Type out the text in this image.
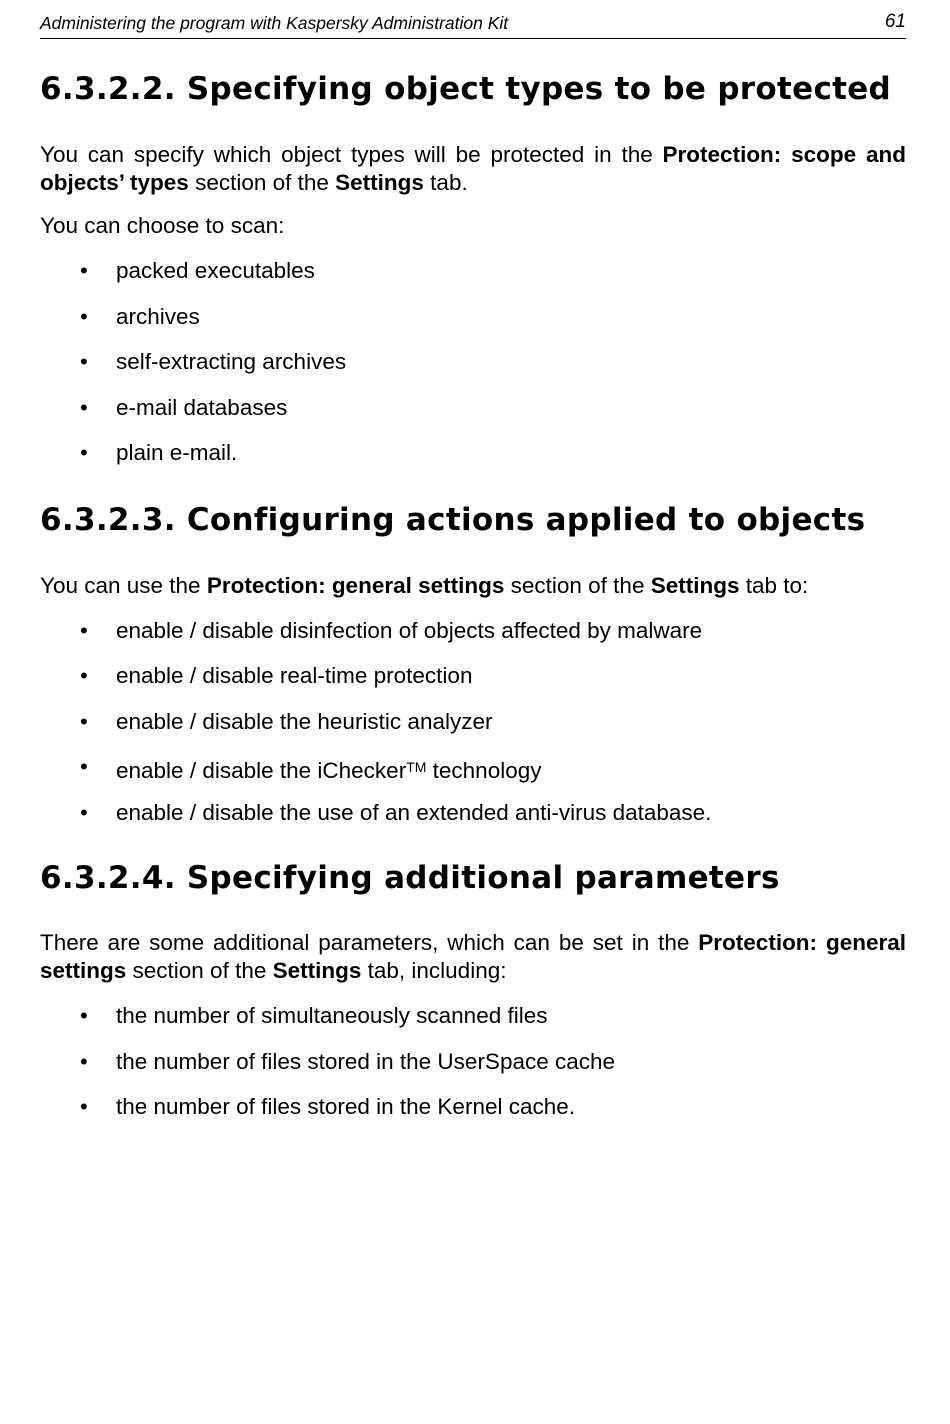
Administering the program with Kaspersky Administration Kit	61
6.3.2.2. Specifying object types to be protected

You can specify which object types will be protected in the Protection: scope and objects’ types section of the Settings tab.

You can choose to scan:

• packed executables
• archives
• self-extracting archives
• e-mail databases
• plain e-mail.
6.3.2.3. Configuring actions applied to objects

You can use the Protection: general settings section of the Settings tab to:

• enable / disable disinfection of objects affected by malware
• enable / disable real-time protection
• enable / disable the heuristic analyzer
• enable / disable the iChecker™ technology
• enable / disable the use of an extended anti-virus database.
6.3.2.4. Specifying additional parameters

There are some additional parameters, which can be set in the Protection: general settings section of the Settings tab, including:

• the number of simultaneously scanned files
• the number of files stored in the UserSpace cache
• the number of files stored in the Kernel cache.
